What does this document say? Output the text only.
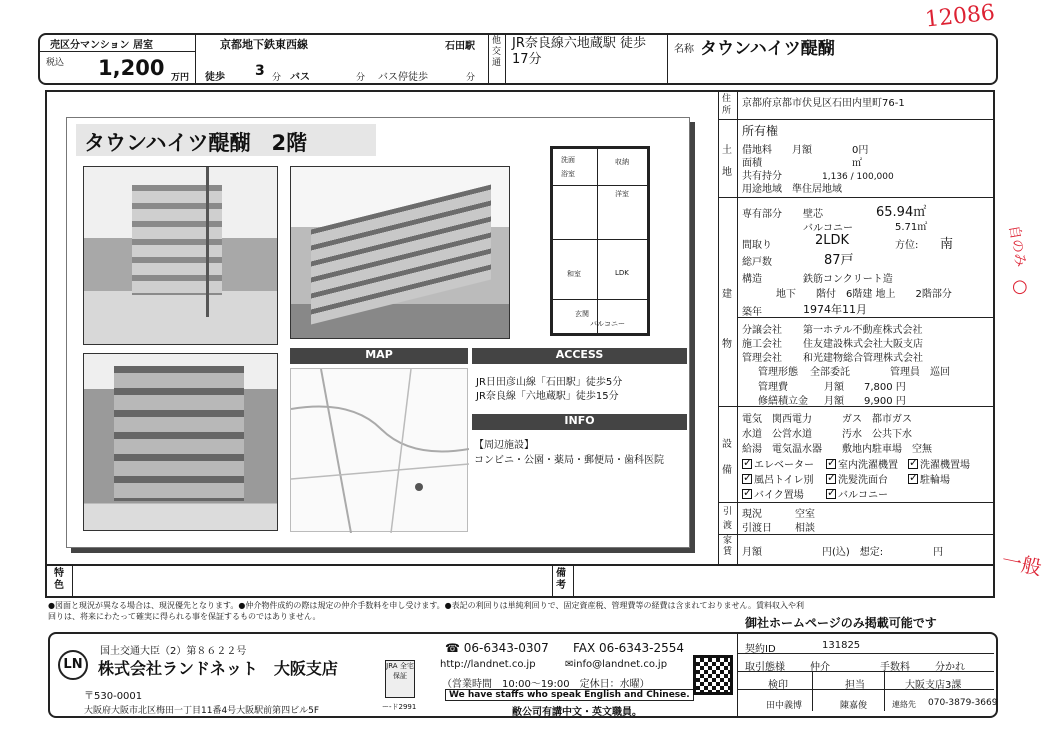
12086
自のみ
○
一般
売区分マンション 居室
税込 1,200 万円
京都地下鉄東西線	石田駅
徒歩 3 分 バス	分 バス停徒歩	分
他交通
JR奈良線六地蔵駅 徒歩17分
名称 タウンハイツ醍醐
タウンハイツ醍醐　2階
洋室
LDK
和室
洗面
浴室
玄関
収納
バルコニー
MAP	ACCESS
JR日田彦山線「石田駅」徒歩5分
JR奈良線「六地蔵駅」徒歩15分
INFO
【周辺施設】
コンビニ・公園・薬局・郵便局・歯科医院
住所
京都府京都市伏見区石田内里町76-1
土地
所有権
借地料　　 月額　　　　0円
面積　　　　　　　　　	㎡
共有持分　　　　	1,136 / 100,000
用途地域　 準住居地域
建物
専有部分 壁芯	65.94㎡
バルコニー	5.71㎡
間取り	2LDK	方位: 南
総戸数	87戸
構造	鉄筋コンクリート造
地下　　階付　6階建 地上　　2階部分
築年	1974年11月
分譲会社 第一ホテル不動産株式会社
施工会社 住友建設株式会社大阪支店
管理会社 和光建物総合管理株式会社
管理形態 全部委託	管理員　巡回
管理費	月額　　7,800 円
修繕積立金 月額　　9,900 円
設備
電気　関西電力　　　ガス　都市ガス
水道　公営水道　　　汚水　公共下水
給湯　電気温水器　　敷地内駐車場　空無
✓エレベーター ✓	室内洗濯機置 ✓	洗濯機置場
✓風呂トイレ別 ✓	洗髪洗面台 ✓	駐輪場
✓バイク置場 ✓	バルコニー
引渡
現況	空室
引渡日 相談
家賃 月額　　　　　　円(込)　想定:　　　　　円
特色
備考
●図面と現況が異なる場合は、現況優先となります。●仲介物件成約の際は規定の仲介手数料を申し受けます。●表記の利回りは単純利回りで、固定資産税、管理費等の経費は含まれておりません。賃料収入や利
回りは、将来にわたって確実に得られる事を保証するものではありません。	御社ホームページのみ掲載可能です
国土交通大臣（2）第８６２２号
LN 株式会社ランドネット　大阪支店
〒530-0001
大阪府大阪市北区梅田一丁目11番4号大阪駅前第四ビル5F
JRA 全宅保証
ー-ド2991
☎ 06-6343-0307 FAX 06-6343-2554
http://landnet.co.jp	✉info@landnet.co.jp
（営業時間　10:00～19:00　定休日：水曜）
We have staffs who speak English and Chinese.
敝公司有講中文・英文職員。
契約ID	131825
取引態様	仲介	手数料	分かれ
検印	担当	大阪支店3課
田中義博	陳嘉俊	連絡先 070-3879-3669
